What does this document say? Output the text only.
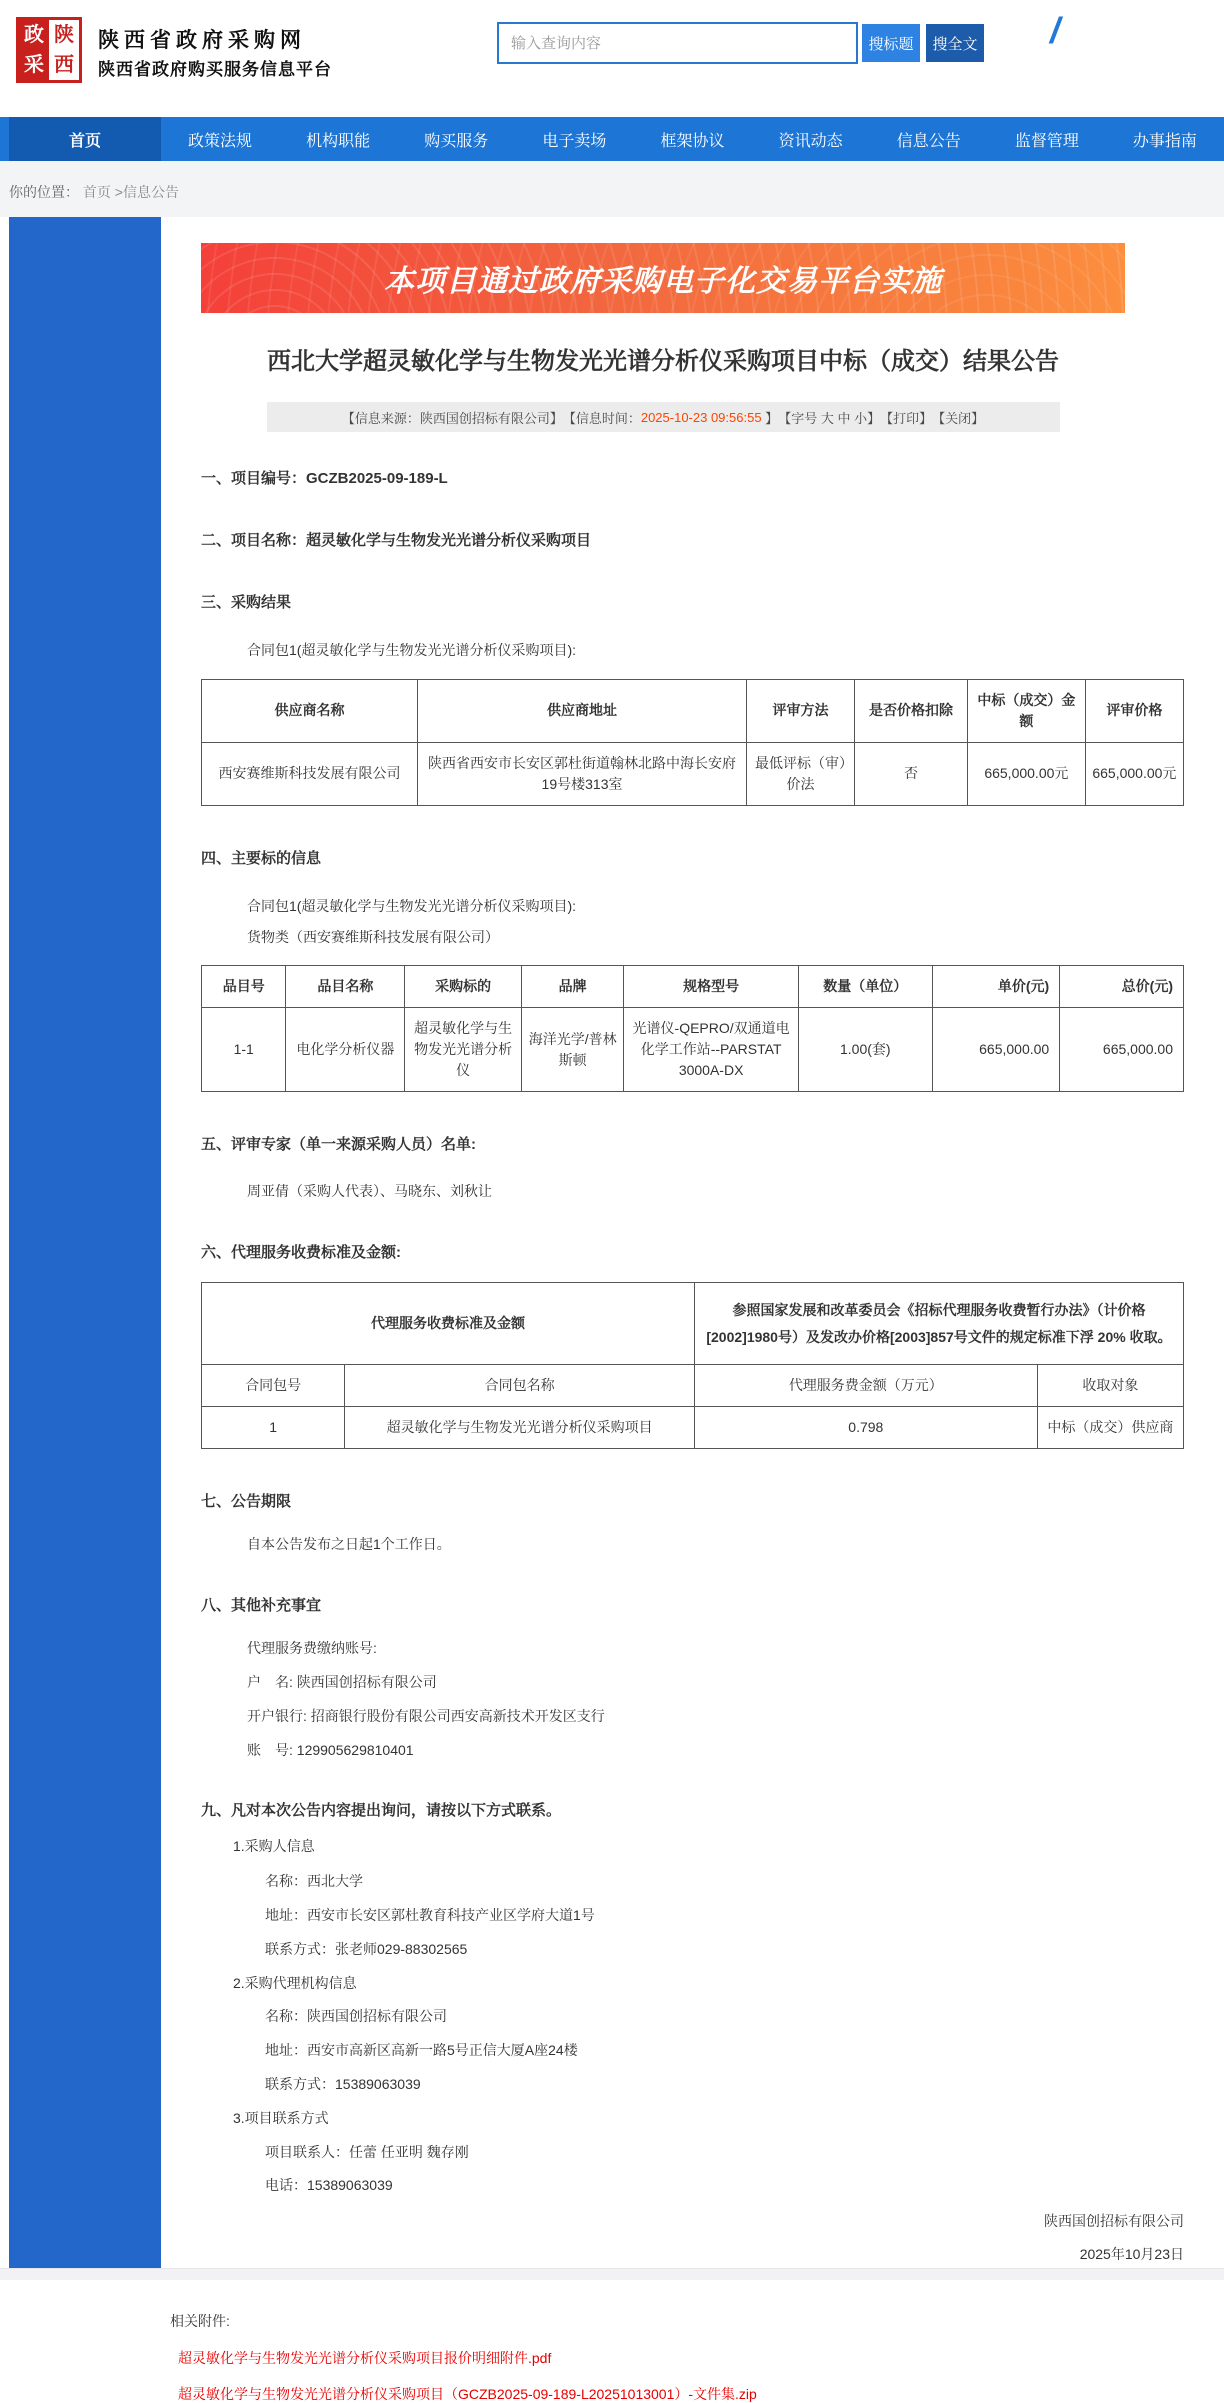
政 陕
采 西
陕西省政府采购网
陕西省政府购买服务信息平台
输入查询内容
搜标题	搜全文 /
首页	政策法规	机构职能	购买服务	电子卖场	框架协议	资讯动态	信息公告	监督管理	办事指南
你的位置： 首页 >信息公告
本项目通过政府采购电子化交易平台实施
西北大学超灵敏化学与生物发光光谱分析仪采购项目中标（成交）结果公告
【信息来源：陕西国创招标有限公司】 【信息时间： 2025-10-23 09:56:55 】 【字号
大
中
小 】 【打印】 【关闭】
一、项目编号：GCZB2025-09-189-L
二、项目名称：超灵敏化学与生物发光光谱分析仪采购项目
三、采购结果
合同包1(超灵敏化学与生物发光光谱分析仪采购项目):
供应商名称	供应商地址	评审方法	是否价格扣除	中标（成交）金额	评审价格
西安赛维斯科技发展有限公司	陕西省西安市长安区郭杜街道翰林北路中海长安府19号楼313室	最低评标（审）价法	否	665,000.00元	665,000.00元
四、主要标的信息
合同包1(超灵敏化学与生物发光光谱分析仪采购项目):
货物类（西安赛维斯科技发展有限公司）
品目号	品目名称	采购标的	品牌	规格型号	数量（单位）	单价(元)	总价(元)
1-1	电化学分析仪器	超灵敏化学与生物发光光谱分析仪	海洋光学/普林斯顿	光谱仪-QEPRO/双通道电化学工作站--PARSTAT 3000A-DX	1.00(套)	665,000.00	665,000.00
五、评审专家（单一来源采购人员）名单:
周亚倩（采购人代表）、马晓东、刘秋让
六、代理服务收费标准及金额:
代理服务收费标准及金额		参照国家发展和改革委员会《招标代理服务收费暂行办法》（计价格[2002]1980号）及发改办价格[2003]857号文件的规定标准下浮 20% 收取。	
合同包号	合同包名称	代理服务费金额（万元）	收取对象
1	超灵敏化学与生物发光光谱分析仪采购项目	0.798	中标（成交）供应商
七、公告期限
自本公告发布之日起1个工作日。
八、其他补充事宜
代理服务费缴纳账号:
户　名: 陕西国创招标有限公司
开户银行: 招商银行股份有限公司西安高新技术开发区支行
账　号: 129905629810401
九、凡对本次公告内容提出询问，请按以下方式联系。
1.采购人信息
名称：西北大学
地址：西安市长安区郭杜教育科技产业区学府大道1号
联系方式：张老师029-88302565
2.采购代理机构信息
名称：陕西国创招标有限公司
地址：西安市高新区高新一路5号正信大厦A座24楼
联系方式：15389063039
3.项目联系方式
项目联系人：任蕾 任亚明 魏存刚
电话：15389063039
陕西国创招标有限公司
2025年10月23日
相关附件:
超灵敏化学与生物发光光谱分析仪采购项目报价明细附件.pdf
超灵敏化学与生物发光光谱分析仪采购项目（GCZB2025-09-189-L20251013001）-文件集.zip
